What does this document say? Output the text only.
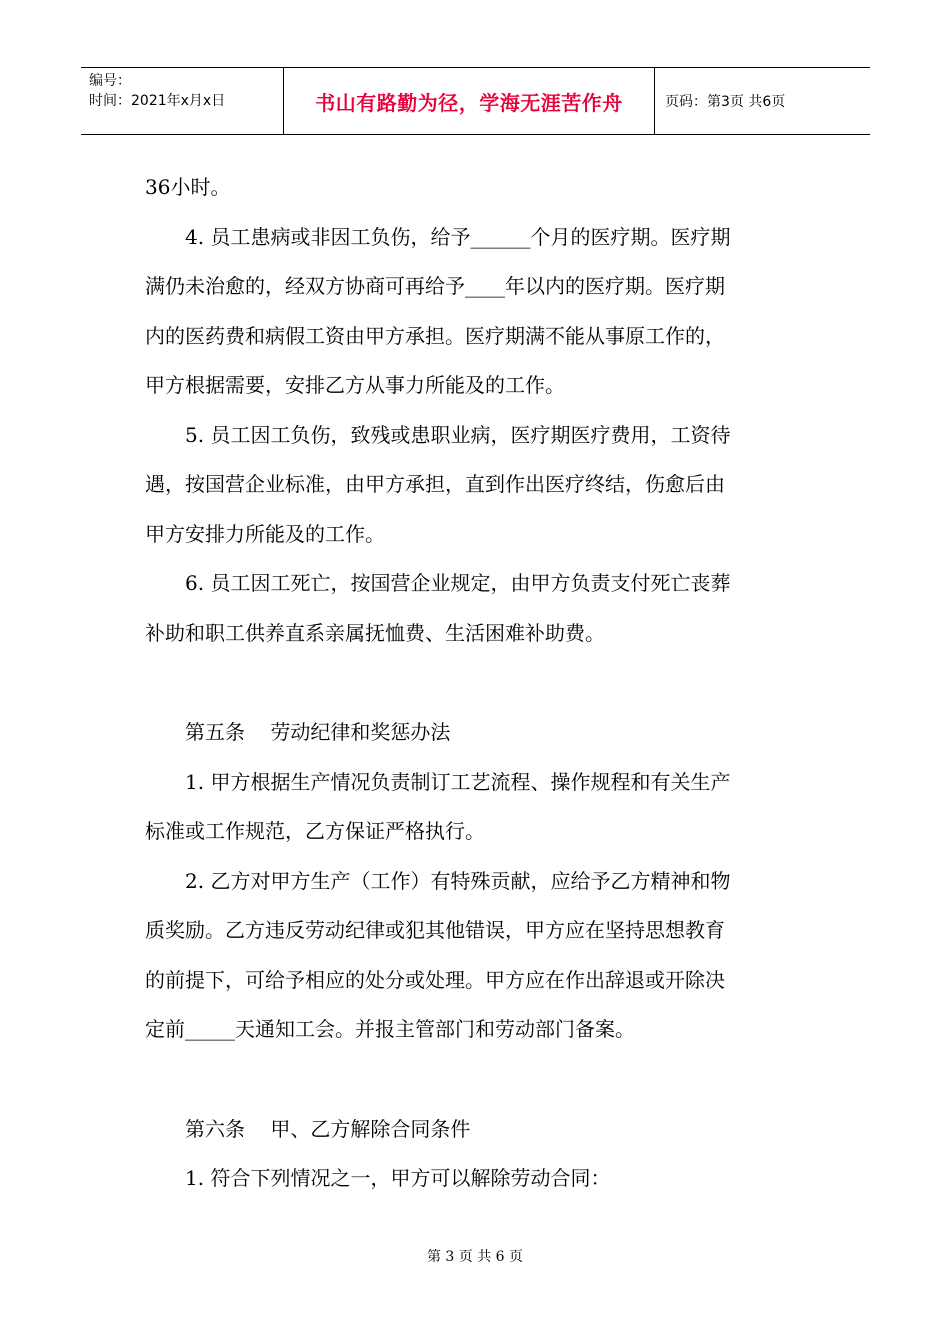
编号：
时间：2021年x月x日	书山有路勤为径，学海无涯苦作舟	页码：第3页 共6页

36小时。

4. 员工患病或非因工负伤，给予______个月的医疗期。医疗期

满仍未治愈的，经双方协商可再给予____年以内的医疗期。医疗期

内的医药费和病假工资由甲方承担。医疗期满不能从事原工作的，

甲方根据需要，安排乙方从事力所能及的工作。

5. 员工因工负伤，致残或患职业病，医疗期医疗费用，工资待

遇，按国营企业标准，由甲方承担，直到作出医疗终结，伤愈后由

甲方安排力所能及的工作。

6. 员工因工死亡，按国营企业规定，由甲方负责支付死亡丧葬

补助和职工供养直系亲属抚恤费、生活困难补助费。

第五条    劳动纪律和奖惩办法

1. 甲方根据生产情况负责制订工艺流程、操作规程和有关生产

标准或工作规范，乙方保证严格执行。

2. 乙方对甲方生产（工作）有特殊贡献，应给予乙方精神和物

质奖励。乙方违反劳动纪律或犯其他错误，甲方应在坚持思想教育

的前提下，可给予相应的处分或处理。甲方应在作出辞退或开除决

定前_____天通知工会。并报主管部门和劳动部门备案。

第六条    甲、乙方解除合同条件

1. 符合下列情况之一，甲方可以解除劳动合同：

第 3 页 共 6 页
